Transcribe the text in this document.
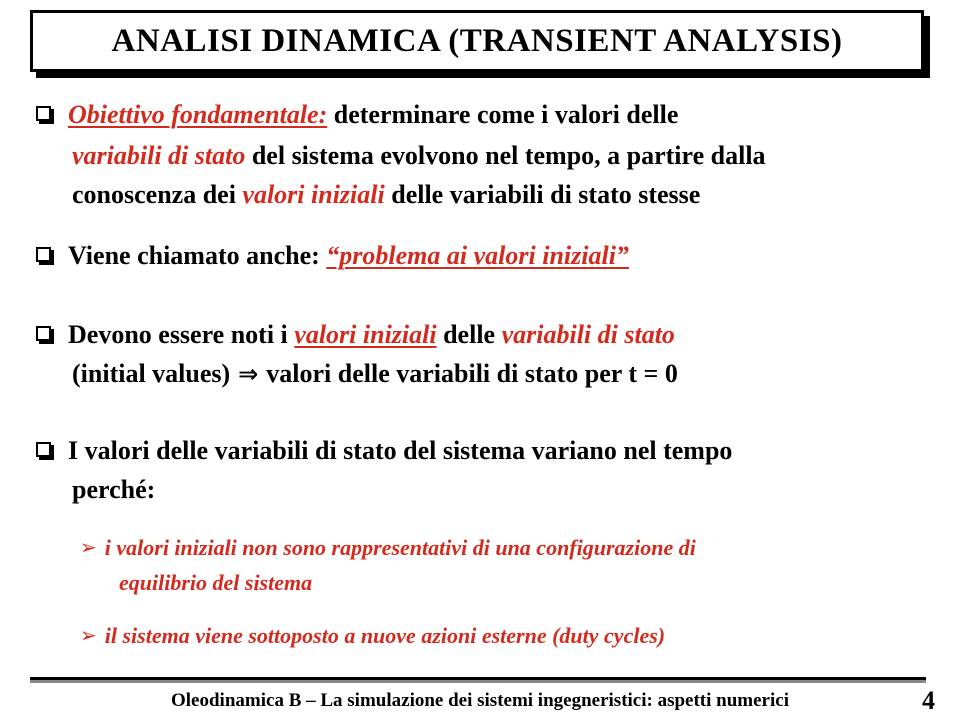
ANALISI DINAMICA (TRANSIENT ANALYSIS)
Obiettivo fondamentale: determinare come i valori delle
variabili di stato del sistema evolvono nel tempo, a partire dalla
conoscenza dei valori iniziali delle variabili di stato stesse
Viene chiamato anche: “problema ai valori iniziali”
Devono essere noti i valori iniziali delle variabili di stato
(initial values) ⇒ valori delle variabili di stato per t = 0
I valori delle variabili di stato del sistema variano nel tempo
perché:
➢ i valori iniziali non sono rappresentativi di una configurazione di
equilibrio del sistema
➢ il sistema viene sottoposto a nuove azioni esterne (duty cycles)
Oleodinamica B – La simulazione dei sistemi ingegneristici: aspetti numerici	4
